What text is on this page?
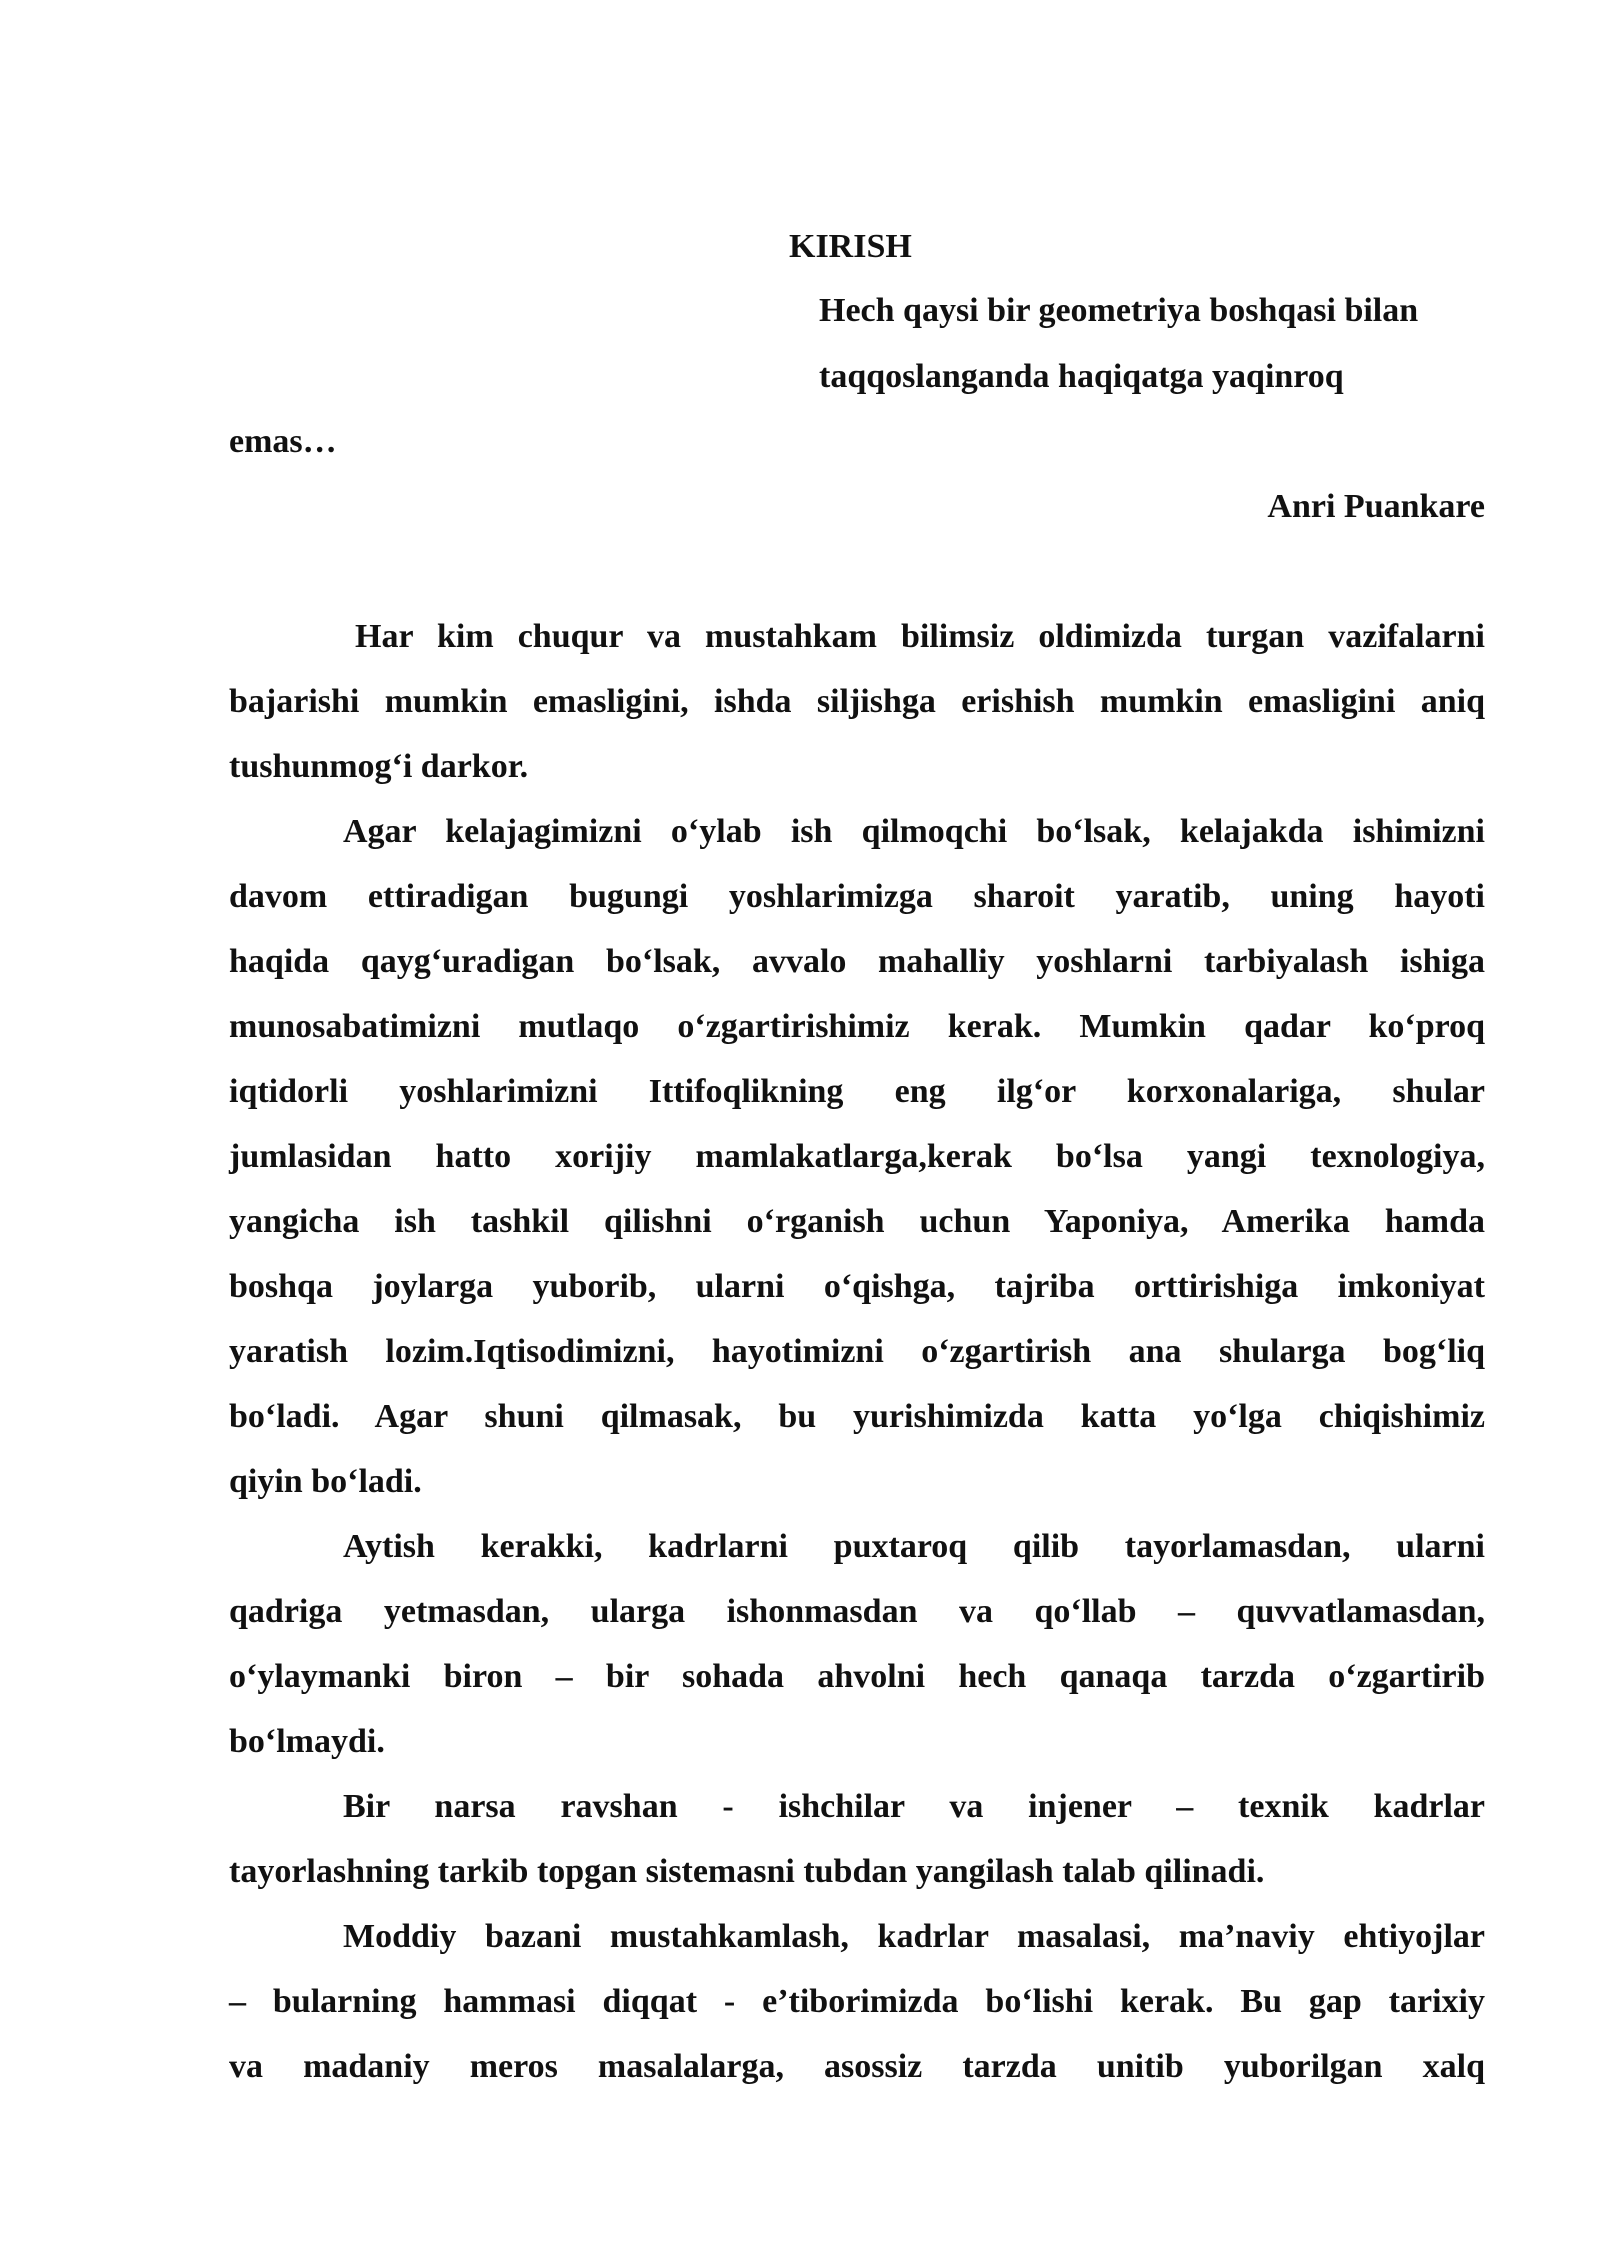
KIRISH
Hech qaysi bir geometriya boshqasi bilan
taqqoslanganda haqiqatga yaqinroq
emas…
Anri Puankare
Har kim chuqur va mustahkam bilimsiz oldimizda turgan vazifalarni
bajarishi mumkin emasligini, ishda siljishga erishish mumkin emasligini aniq
tushunmog‘i darkor.
Agar kelajagimizni o‘ylab ish qilmoqchi bo‘lsak, kelajakda ishimizni
davom ettiradigan bugungi yoshlarimizga sharoit yaratib, uning hayoti
haqida qayg‘uradigan bo‘lsak, avvalo mahalliy yoshlarni tarbiyalash ishiga
munosabatimizni mutlaqo o‘zgartirishimiz kerak. Mumkin qadar ko‘proq
iqtidorli yoshlarimizni Ittifoqlikning eng ilg‘or korxonalariga, shular
jumlasidan hatto xorijiy mamlakatlarga,kerak bo‘lsa yangi texnologiya,
yangicha ish tashkil qilishni o‘rganish uchun Yaponiya, Amerika hamda
boshqa joylarga yuborib, ularni o‘qishga, tajriba orttirishiga imkoniyat
yaratish lozim.Iqtisodimizni, hayotimizni o‘zgartirish ana shularga bog‘liq
bo‘ladi. Agar shuni qilmasak, bu yurishimizda katta yo‘lga chiqishimiz
qiyin bo‘ladi.
Aytish kerakki, kadrlarni puxtaroq qilib tayorlamasdan, ularni
qadriga yetmasdan, ularga ishonmasdan va qo‘llab – quvvatlamasdan,
o‘ylaymanki biron – bir sohada ahvolni hech qanaqa tarzda o‘zgartirib
bo‘lmaydi.
Bir narsa ravshan - ishchilar va injener – texnik kadrlar
tayorlashning tarkib topgan sistemasni tubdan yangilash talab qilinadi.
Moddiy bazani mustahkamlash, kadrlar masalasi, ma’naviy ehtiyojlar
– bularning hammasi diqqat - e’tiborimizda bo‘lishi kerak. Bu gap tarixiy
va madaniy meros masalalarga, asossiz tarzda unitib yuborilgan xalq
